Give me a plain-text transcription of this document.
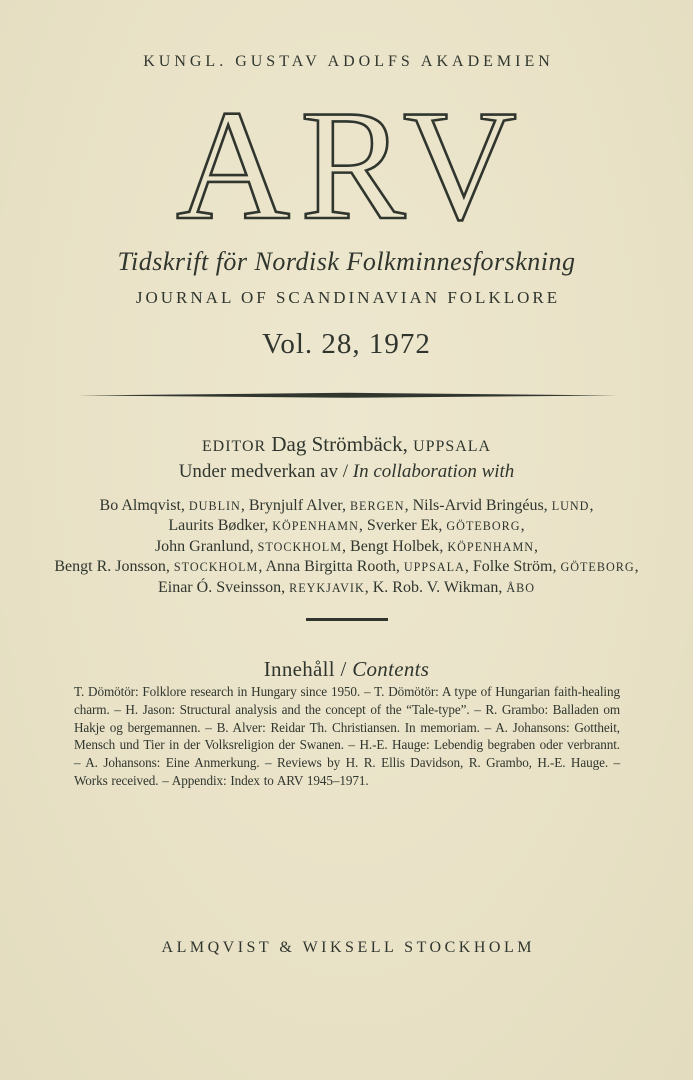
KUNGL. GUSTAV ADOLFS AKADEMIEN
ARV
Tidskrift för Nordisk Folkminnesforskning
JOURNAL OF SCANDINAVIAN FOLKLORE
Vol. 28, 1972
EDITOR Dag Strömbäck, UPPSALA
Under medverkan av / In collaboration with
Bo Almqvist, DUBLIN, Brynjulf Alver, BERGEN, Nils-Arvid Bringéus, LUND,
Laurits Bødker, KÖPENHAMN, Sverker Ek, GÖTEBORG,
John Granlund, STOCKHOLM, Bengt Holbek, KÖPENHAMN,
Bengt R. Jonsson, STOCKHOLM, Anna Birgitta Rooth, UPPSALA, Folke Ström, GÖTEBORG,
Einar Ó. Sveinsson, REYKJAVIK, K. Rob. V. Wikman, ÅBO
Innehåll / Contents
T. Dömötör: Folklore research in Hungary since 1950. – T. Dömötör: A type of Hungarian faith-healing charm. – H. Jason: Structural analysis and the concept of the “Tale-type”. – R. Grambo: Balladen om Hakje og bergemannen. – B. Alver: Reidar Th. Christiansen. In memoriam. – A. Johansons: Gottheit, Mensch und Tier in der Volksreligion der Swanen. – H.-E. Hauge: Lebendig begraben oder verbrannt. – A. Johansons: Eine Anmerkung. – Reviews by H. R. Ellis Davidson, R. Grambo, H.-E. Hauge. – Works received. – Appendix: Index to ARV 1945–1971.
ALMQVIST & WIKSELL STOCKHOLM
